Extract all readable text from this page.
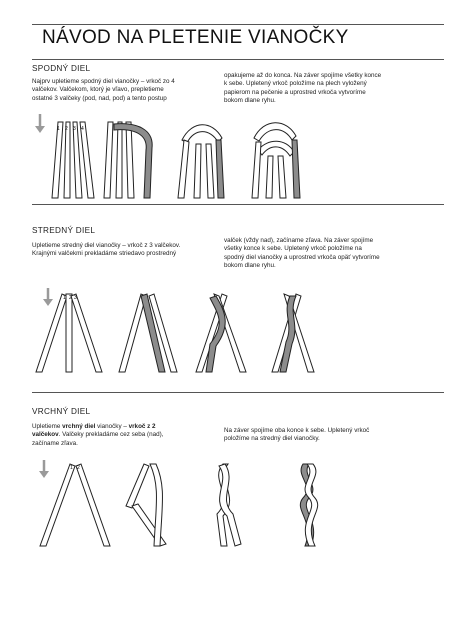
NÁVOD NA PLETENIE VIANOČKY
SPODNÝ DIEL
Najprv upletieme spodný diel vianočky – vrkoč zo 4 valčekov. Valčekom, ktorý je vľavo, prepletieme ostatné 3 valčeky (pod, nad, pod) a tento postup
opakujeme až do konca. Na záver spojíme všetky konce k sebe. Upletený vrkoč položíme na plech vyložený papierom na pečenie a uprostred vrkoča vytvoríme bokom dlane ryhu.
1 2 3 4
STREDNÝ DIEL
Upletieme stredný diel vianočky – vrkoč z 3 valčekov. Krajnými valčekmi prekladáme striedavo prostredný
valček (vždy nad), začíname zľava. Na záver spojíme všetky konce k sebe. Upletený vrkoč položíme na spodný diel vianočky a uprostred vrkoča opäť vytvoríme bokom dlane ryhu.
1 2 3
VRCHNÝ DIEL
Upletieme vrchný diel vianočky – vrkoč z 2 valčekov. Valčeky prekladáme cez seba (nad), začíname zľava.
Na záver spojíme oba konce k sebe. Upletený vrkoč položíme na stredný diel vianočky.
1 2
